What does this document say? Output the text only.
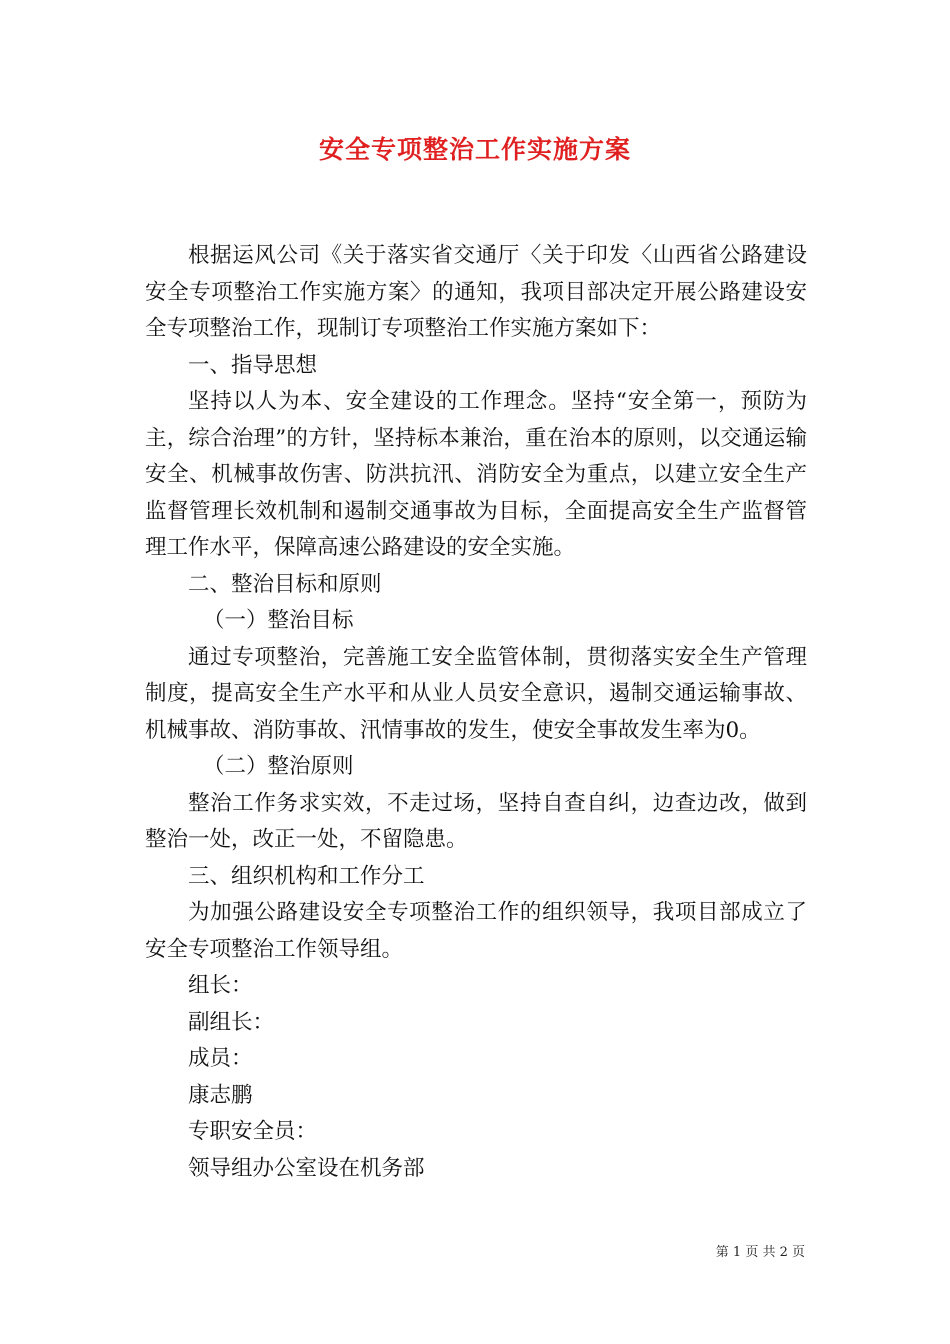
安全专项整治工作实施方案

根据运风公司《关于落实省交通厅〈关于印发〈山西省公路建设安全专项整治工作实施方案〉的通知，我项目部决定开展公路建设安全专项整治工作，现制订专项整治工作实施方案如下：

一、指导思想

坚持以人为本、安全建设的工作理念。坚持“安全第一，预防为主，综合治理”的方针，坚持标本兼治，重在治本的原则，以交通运输安全、机械事故伤害、防洪抗汛、消防安全为重点，以建立安全生产监督管理长效机制和遏制交通事故为目标，全面提高安全生产监督管理工作水平，保障高速公路建设的安全实施。

二、整治目标和原则

（一）整治目标

通过专项整治，完善施工安全监管体制，贯彻落实安全生产管理制度，提高安全生产水平和从业人员安全意识，遏制交通运输事故、机械事故、消防事故、汛情事故的发生，使安全事故发生率为0。

（二）整治原则

整治工作务求实效，不走过场，坚持自查自纠，边查边改，做到整治一处，改正一处，不留隐患。

三、组织机构和工作分工

为加强公路建设安全专项整治工作的组织领导，我项目部成立了安全专项整治工作领导组。

组长：

副组长：

成员：

康志鹏

专职安全员：

领导组办公室设在机务部

第 1 页 共 2 页
